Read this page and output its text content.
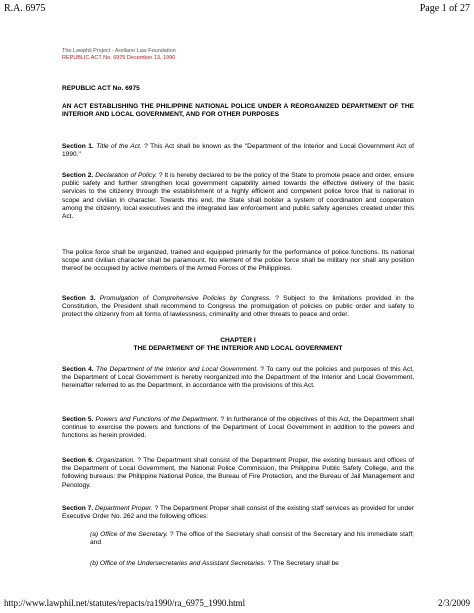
R.A. 6975	Page 1 of 27
The Lawphil Project - Arellano Law Foundation
REPUBLIC ACT No. 6975 December 13, 1990
REPUBLIC ACT No. 6975
AN ACT ESTABLISHING THE PHILIPPINE NATIONAL POLICE UNDER A REORGANIZED DEPARTMENT OF THE INTERIOR AND LOCAL GOVERNMENT, AND FOR OTHER PURPOSES
Section 1. Title of the Act. ? This Act shall be known as the "Department of the Interior and Local Government Act of 1990."
Section 2. Declaration of Policy. ? It is hereby declared to be the policy of the State to promote peace and order, ensure public safety and further strengthen local government capability aimed towards the effective delivery of the basic services to the citizenry through the establishment of a highly efficient and competent police force that is national in scope and civilian in character. Towards this end, the State shall bolster a system of coordination and cooperation among the citizenry, local executives and the integrated law enforcement and public safety agencies created under this Act.
The police force shall be organized, trained and equipped primarily for the performance of police functions. Its national scope and civilian character shall be paramount. No element of the police force shall be military nor shall any position thereof be occupied by active members of the Armed Forces of the Philippines.
Section 3. Promulgation of Comprehensive Policies by Congress. ? Subject to the limitations provided in the Constitution, the President shall recommend to Congress the promulgation of policies on public order and safety to protect the citizenry from all forms of lawlessness, criminality and other threats to peace and order.
CHAPTER I
THE DEPARTMENT OF THE INTERIOR AND LOCAL GOVERNMENT
Section 4. The Department of the Interior and Local Government. ? To carry out the policies and purposes of this Act, the Department of Local Government is hereby reorganized into the Department of the Interior and Local Government, hereinafter referred to as the Department, in accordance with the provisions of this Act.
Section 5. Powers and Functions of the Department. ? In furtherance of the objectives of this Act, the Department shall continue to exercise the powers and functions of the Department of Local Government in addition to the powers and functions as herein provided.
Section 6. Organization. ? The Department shall consist of the Department Proper, the existing bureaus and offices of the Department of Local Government, the National Police Commission, the Philippine Public Safety College, and the following bureaus: the Philippine National Police, the Bureau of Fire Protection, and the Bureau of Jail Management and Penology.
Section 7. Department Proper. ? The Department Proper shall consist of the existing staff services as provided for under Executive Order No. 262 and the following offices:
(a) Office of the Secretary. ? The office of the Secretary shall consist of the Secretary and his immediate staff; and
(b) Office of the Undersecretaries and Assistant Secretaries. ? The Secretary shall be
http://www.lawphil.net/statutes/repacts/ra1990/ra_6975_1990.html	2/3/2009
